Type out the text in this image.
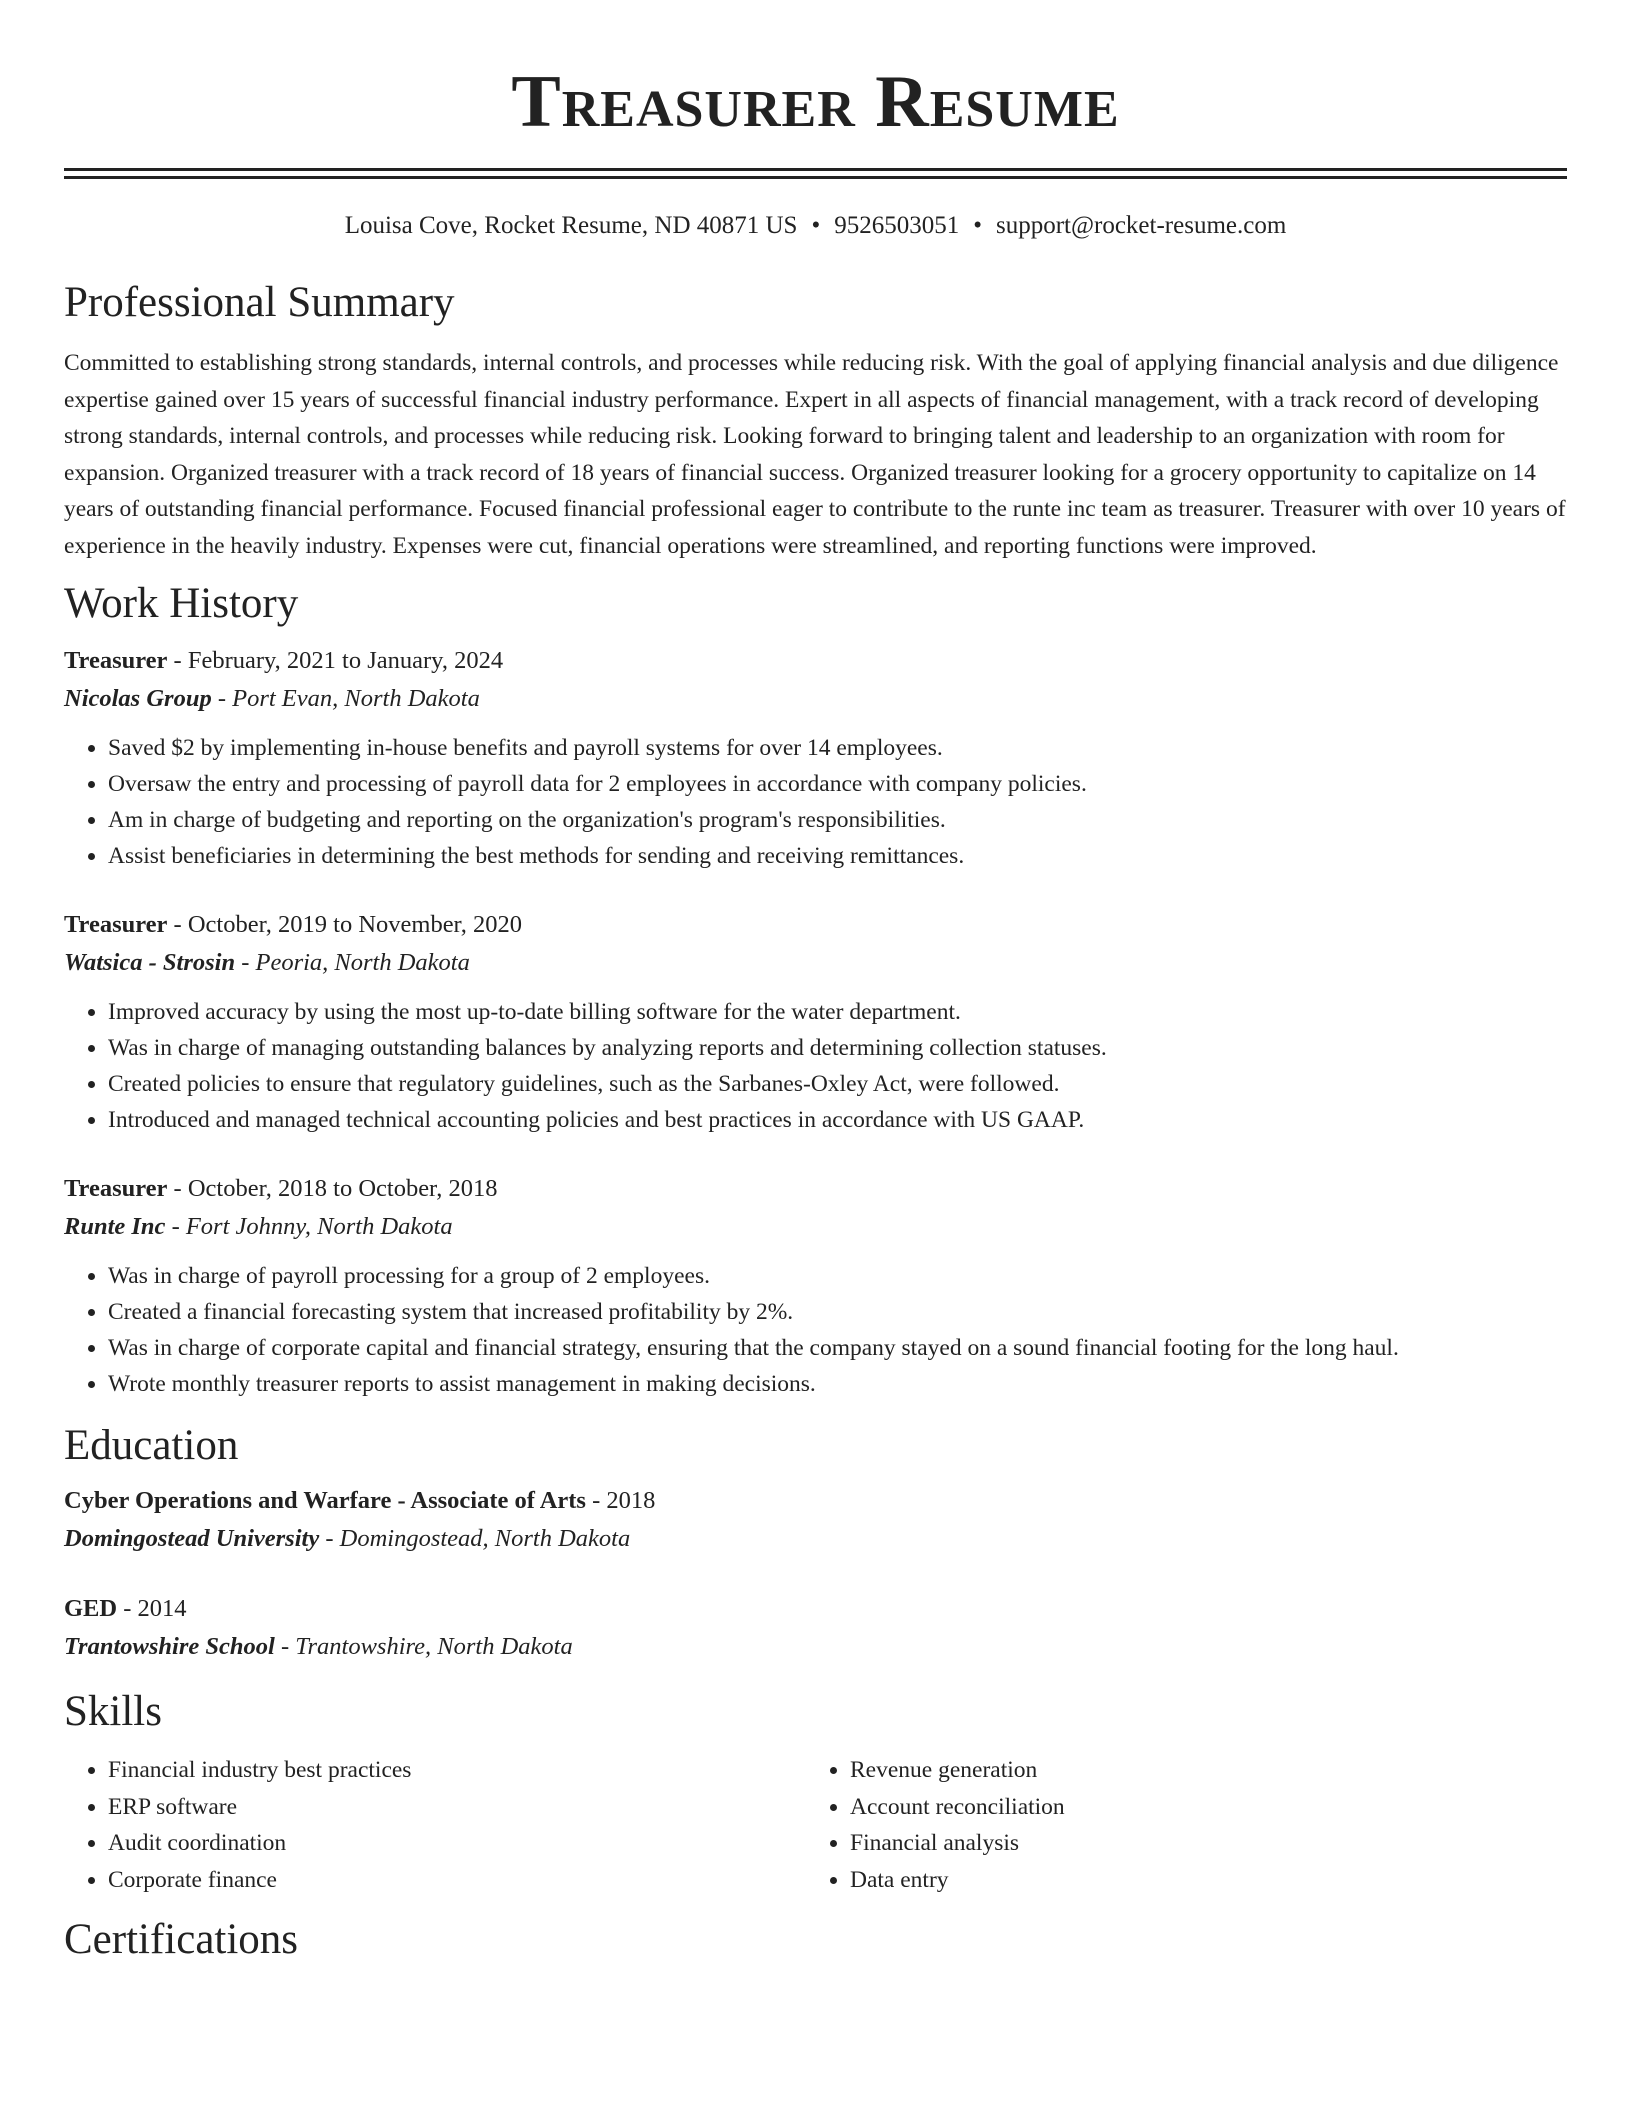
Treasurer Resume
Louisa Cove, Rocket Resume, ND 40871 US • 9526503051 • support@rocket-resume.com
Professional Summary

Committed to establishing strong standards, internal controls, and processes while reducing risk. With the goal of applying financial analysis and due diligence expertise gained over 15 years of successful financial industry performance. Expert in all aspects of financial management, with a track record of developing strong standards, internal controls, and processes while reducing risk. Looking forward to bringing talent and leadership to an organization with room for expansion. Organized treasurer with a track record of 18 years of financial success. Organized treasurer looking for a grocery opportunity to capitalize on 14 years of outstanding financial performance. Focused financial professional eager to contribute to the runte inc team as treasurer. Treasurer with over 10 years of experience in the heavily industry. Expenses were cut, financial operations were streamlined, and reporting functions were improved.

Work History
Treasurer - February, 2021 to January, 2024
Nicolas Group - Port Evan, North Dakota
• Saved $2 by implementing in-house benefits and payroll systems for over 14 employees.
• Oversaw the entry and processing of payroll data for 2 employees in accordance with company policies.
• Am in charge of budgeting and reporting on the organization's program's responsibilities.
• Assist beneficiaries in determining the best methods for sending and receiving remittances.
Treasurer - October, 2019 to November, 2020
Watsica - Strosin - Peoria, North Dakota
• Improved accuracy by using the most up-to-date billing software for the water department.
• Was in charge of managing outstanding balances by analyzing reports and determining collection statuses.
• Created policies to ensure that regulatory guidelines, such as the Sarbanes-Oxley Act, were followed.
• Introduced and managed technical accounting policies and best practices in accordance with US GAAP.
Treasurer - October, 2018 to October, 2018
Runte Inc - Fort Johnny, North Dakota
• Was in charge of payroll processing for a group of 2 employees.
• Created a financial forecasting system that increased profitability by 2%.
• Was in charge of corporate capital and financial strategy, ensuring that the company stayed on a sound financial footing for the long haul.
• Wrote monthly treasurer reports to assist management in making decisions.
Education
Cyber Operations and Warfare - Associate of Arts - 2018
Domingostead University - Domingostead, North Dakota
GED - 2014
Trantowshire School - Trantowshire, North Dakota
Skills
• Financial industry best practices
• ERP software
• Audit coordination
• Corporate finance
• Revenue generation
• Account reconciliation
• Financial analysis
• Data entry
Certifications
